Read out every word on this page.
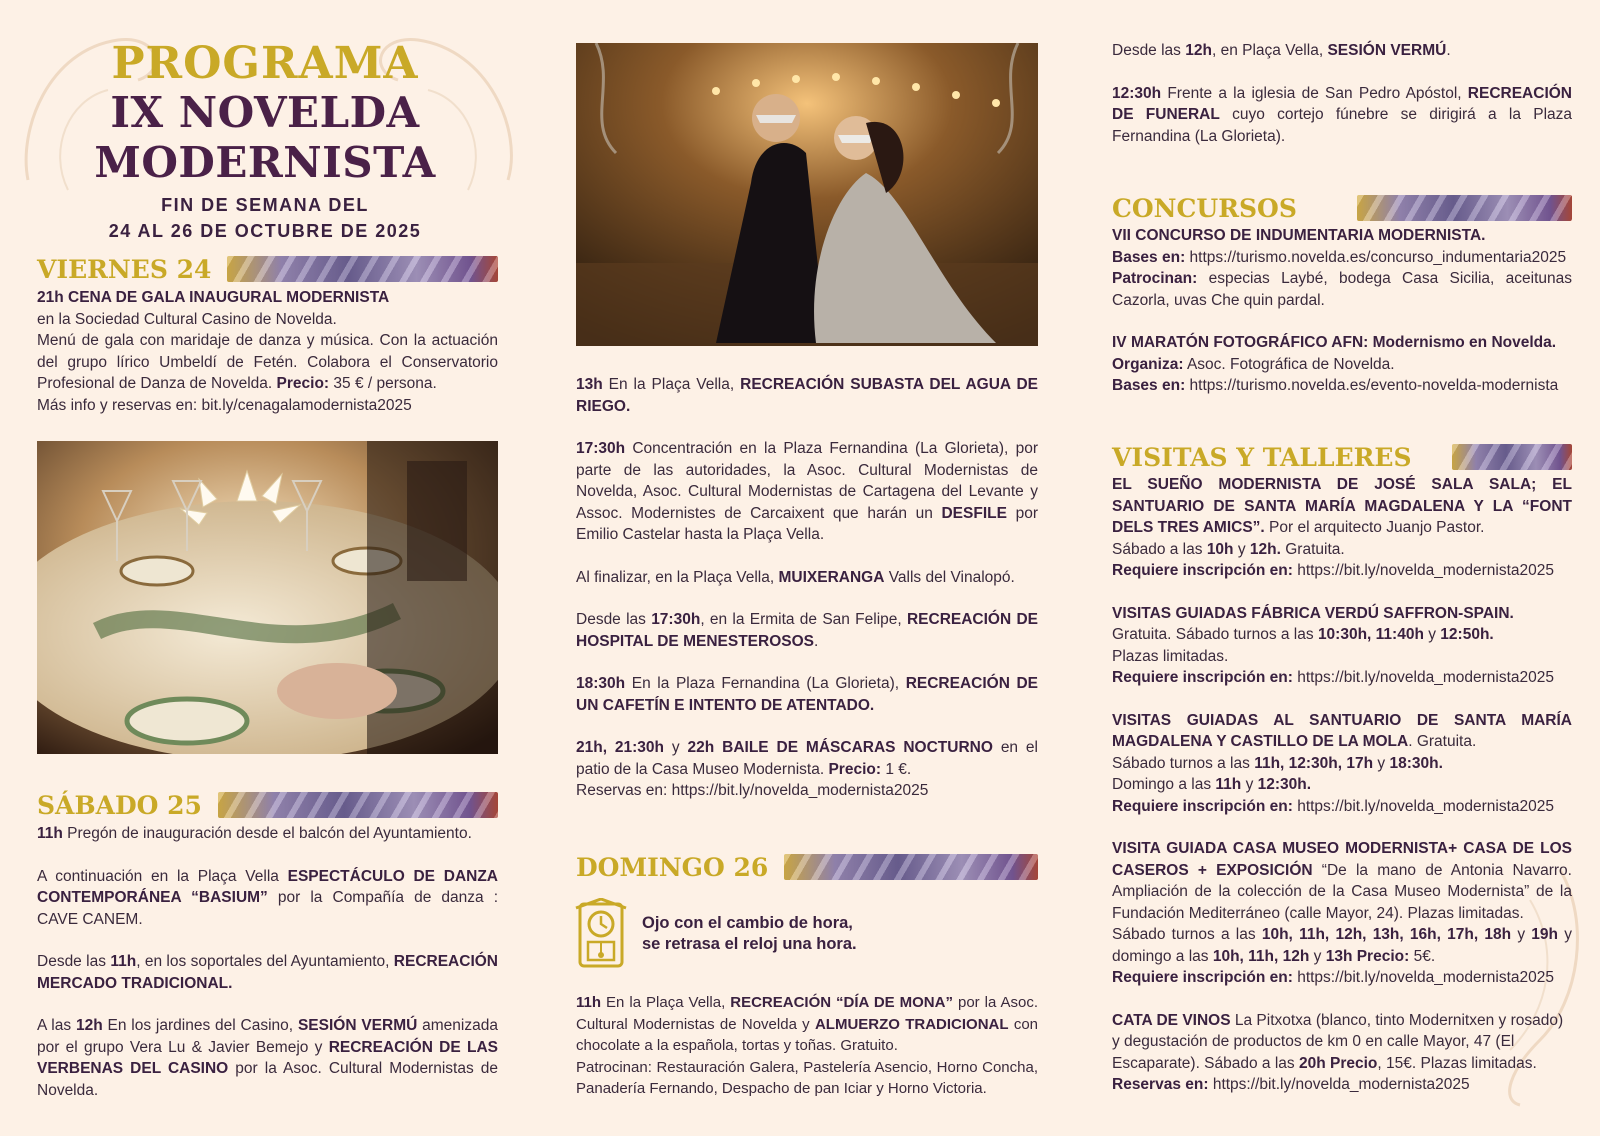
PROGRAMA
IX NOVELDA MODERNISTA
FIN DE SEMANA DEL
24 AL 26 DE OCTUBRE DE 2025
VIERNES 24
21h CENA DE GALA INAUGURAL MODERNISTA
en la Sociedad Cultural Casino de Novelda.
Menú de gala con maridaje de danza y música. Con la actuación del grupo lírico Umbeldí de Fetén. Colabora el Conservatorio Profesional de Danza de Novelda. Precio: 35 € / persona.
Más info y reservas en: bit.ly/cenagalamodernista2025
SÁBADO 25

11h Pregón de inauguración desde el balcón del Ayuntamiento.

A continuación en la Plaça Vella ESPECTÁCULO DE DANZA CONTEMPORÁNEA “BASIUM” por la Compañía de danza : CAVE CANEM.

Desde las 11h, en los soportales del Ayuntamiento, RECREACIÓN MERCADO TRADICIONAL.

A las 12h En los jardines del Casino, SESIÓN VERMÚ amenizada por el grupo Vera Lu & Javier Bemejo y RECREACIÓN DE LAS VERBENAS DEL CASINO por la Asoc. Cultural Modernistas de Novelda.

13h En la Plaça Vella, RECREACIÓN SUBASTA DEL AGUA DE RIEGO.

17:30h Concentración en la Plaza Fernandina (La Glorieta), por parte de las autoridades, la Asoc. Cultural Modernistas de Novelda, Asoc. Cultural Modernistas de Cartagena del Levante y Assoc. Modernistes de Carcaixent que harán un DESFILE por Emilio Castelar hasta la Plaça Vella.

Al finalizar, en la Plaça Vella, MUIXERANGA Valls del Vinalopó.

Desde las 17:30h, en la Ermita de San Felipe, RECREACIÓN DE HOSPITAL DE MENESTEROSOS.

18:30h En la Plaza Fernandina (La Glorieta), RECREACIÓN DE UN CAFETÍN E INTENTO DE ATENTADO.

21h, 21:30h y 22h BAILE DE MÁSCARAS NOCTURNO en el patio de la Casa Museo Modernista. Precio: 1 €.
Reservas en: https://bit.ly/novelda_modernista2025

DOMINGO 26
Ojo con el cambio de hora,
se retrasa el reloj una hora.

11h En la Plaça Vella, RECREACIÓN “DÍA DE MONA” por la Asoc. Cultural Modernistas de Novelda y ALMUERZO TRADICIONAL con chocolate a la española, tortas y toñas. Gratuito.

Patrocinan: Restauración Galera, Pastelería Asencio, Horno Concha, Panadería Fernando, Despacho de pan Iciar y Horno Victoria.

Desde las 12h, en Plaça Vella, SESIÓN VERMÚ.

12:30h Frente a la iglesia de San Pedro Apóstol, RECREACIÓN DE FUNERAL cuyo cortejo fúnebre se dirigirá a la Plaza Fernandina (La Glorieta).

CONCURSOS
VII CONCURSO DE INDUMENTARIA MODERNISTA.
Bases en: https://turismo.novelda.es/concurso_indumentaria2025
Patrocinan: especias Laybé, bodega Casa Sicilia, aceitunas Cazorla, uvas Che quin pardal.
IV MARATÓN FOTOGRÁFICO AFN: Modernismo en Novelda.
Organiza: Asoc. Fotográfica de Novelda.
Bases en: https://turismo.novelda.es/evento-novelda-modernista
VISITAS Y TALLERES

EL SUEÑO MODERNISTA DE JOSÉ SALA SALA; EL SANTUARIO DE SANTA MARÍA MAGDALENA Y LA “FONT DELS TRES AMICS”. Por el arquitecto Juanjo Pastor.
Sábado a las 10h y 12h. Gratuita.
Requiere inscripción en: https://bit.ly/novelda_modernista2025

VISITAS GUIADAS FÁBRICA VERDÚ SAFFRON-SPAIN.
Gratuita. Sábado turnos a las 10:30h, 11:40h y 12:50h.
Plazas limitadas.
Requiere inscripción en: https://bit.ly/novelda_modernista2025

VISITAS GUIADAS AL SANTUARIO DE SANTA MARÍA MAGDALENA Y CASTILLO DE LA MOLA. Gratuita.
Sábado turnos a las 11h, 12:30h, 17h y 18:30h.
Domingo a las 11h y 12:30h.
Requiere inscripción en: https://bit.ly/novelda_modernista2025

VISITA GUIADA CASA MUSEO MODERNISTA+ CASA DE LOS CASEROS + EXPOSICIÓN “De la mano de Antonia Navarro. Ampliación de la colección de la Casa Museo Modernista” de la Fundación Mediterráneo (calle Mayor, 24). Plazas limitadas.
Sábado turnos a las 10h, 11h, 12h, 13h, 16h, 17h, 18h y 19h y domingo a las 10h, 11h, 12h y 13h Precio: 5€.
Requiere inscripción en: https://bit.ly/novelda_modernista2025

CATA DE VINOS La Pitxotxa (blanco, tinto Modernitxen y rosado) y degustación de productos de km 0 en calle Mayor, 47 (El Escaparate). Sábado a las 20h Precio, 15€. Plazas limitadas.
Reservas en: https://bit.ly/novelda_modernista2025
